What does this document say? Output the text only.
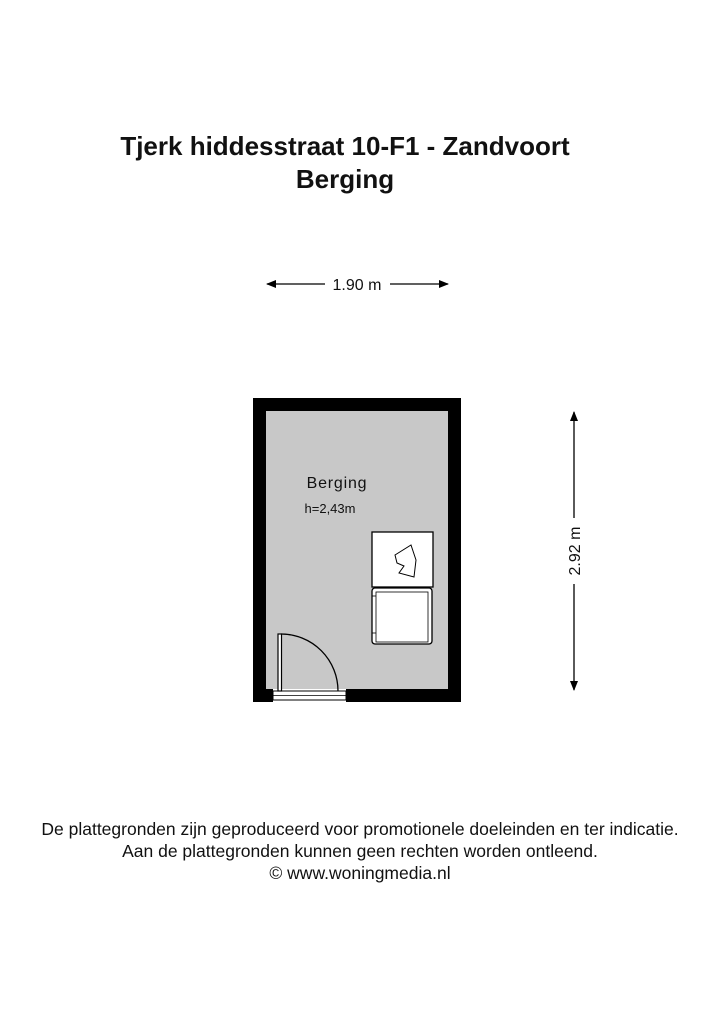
Tjerk hiddesstraat 10-F1 - Zandvoort
Berging
1.90 m
2.92 m
Berging
h=2,43m
De plattegronden zijn geproduceerd voor promotionele doeleinden en ter indicatie.
Aan de plattegronden kunnen geen rechten worden ontleend.
© www.woningmedia.nl
